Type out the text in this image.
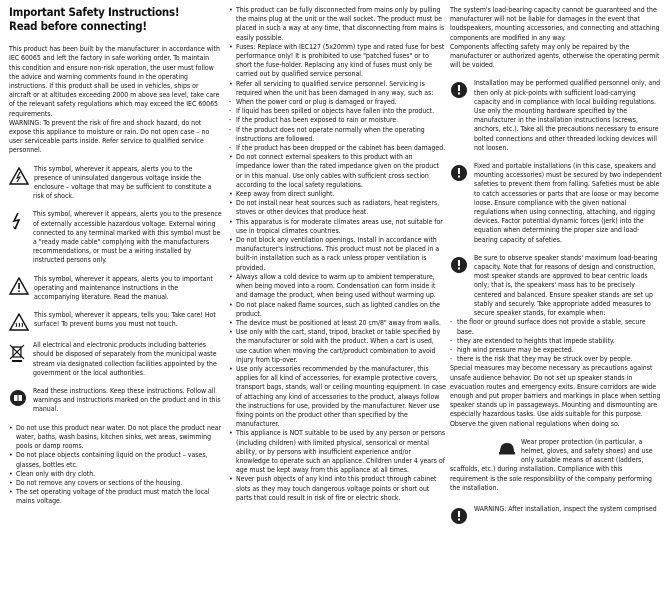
Important Safety Instructions!
Read before connecting!

This product has been built by the manufacturer in accordance with IEC 60065 and left the factory in safe working order. To maintain this condition and ensure non-risk operation, the user must follow the advice and warning comments found in the operating instructions. If this product shall be used in vehicles, ships or aircraft or at altitudes exceeding 2000 m above sea level, take care of the relevant safety regulations which may exceed the IEC 60065 requirements.

WARNING: To prevent the risk of fire and shock hazard, do not expose this appliance to moisture or rain. Do not open case – no user serviceable parts inside. Refer service to qualified service personnel.

This symbol, wherever it appears, alerts you to the presence of uninsulated dangerous voltage inside the enclosure – voltage that may be sufficient to constitute a risk of shock.

This symbol, wherever it appears, alerts you to the presence of externally accessible hazardous voltage. External wiring connected to any terminal marked with this symbol must be a "ready made cable" complying with the manufacturers recommendations, or must be a wiring installed by instructed persons only.

This symbol, wherever it appears, alerts you to important operating and maintenance instructions in the accompanying literature. Read the manual.

This symbol, wherever it appears, tells you: Take care! Hot surface! To prevent burns you must not touch.

All electrical and electronic products including batteries should be disposed of separately from the municipal waste stream via designated collection facilities appointed by the government or the local authorities.

Read these instructions. Keep these instructions. Follow all warnings and instructions marked on the product and in this manual.

• Do not use this product near water. Do not place the product near water, baths, wash basins, kitchen sinks, wet areas, swimming pools or damp rooms.
• Do not place objects containing liquid on the product – vases, glasses, bottles etc.
• Clean only with dry cloth.
• Do not remove any covers or sections of the housing.
• The set operating voltage of the product must match the local mains voltage.
• This product can be fully disconnected from mains only by pulling the mains plug at the unit or the wall socket. The product must be placed in such a way at any time, that disconnecting from mains is easily possible.
• Fuses: Replace with IEC127 (5x20mm) type and rated fuse for best performance only! It is prohibited to use "patched fuses" or to short the fuse-holder. Replacing any kind of fuses must only be carried out by qualified service personal.
• Refer all servicing to qualified service personnel. Servicing is required when the unit has been damaged in any way, such as:
- When the power cord or plug is damaged or frayed.
- If liquid has been spilled or objects have fallen into the product.
- If the product has been exposed to rain or moisture.
- If the product does not operate normally when the operating instructions are followed.
- If the product has been dropped or the cabinet has been damaged.
• Do not connect external speakers to this product with an impedance lower than the rated impedance given on the product or in this manual. Use only cables with sufficient cross section according to the local safety regulations.
• Keep away from direct sunlight.
• Do not install near heat sources such as radiators, heat registers, stoves or other devices that produce heat.
• This apparatus is for moderate climates areas use, not suitable for use in tropical climates countries.
• Do not block any ventilation openings. Install in accordance with manufacturer's instructions. This product must not be placed in a built-in installation such as a rack unless proper ventilation is provided.
• Always allow a cold device to warm up to ambient temperature, when being moved into a room. Condensation can form inside it and damage the product, when being used without warming up.
• Do not place naked flame sources, such as lighted candles on the product.
• The device must be positioned at least 20 cm/8" away from walls.
• Use only with the cart, stand, tripod, bracket or table specified by the manufacturer or sold with the product. When a cart is used, use caution when moving the cart/product combination to avoid injury from tip-over.
• Use only accessories recommended by the manufacturer, this applies for all kind of accessories, for example protective covers, transport bags, stands, wall or ceiling mounting equipment. In case of attaching any kind of accessories to the product, always follow the instructions for use, provided by the manufacturer. Never use fixing points on the product other than specified by the manufacturer.
• This appliance is NOT suitable to be used by any person or persons (including children) with limited physical, sensorical or mental ability, or by persons with insufficient experience and/or knowledge to operate such an appliance. Children under 4 years of age must be kept away from this appliance at all times.
• Never push objects of any kind into this product through cabinet slots as they may touch dangerous voltage points or short out parts that could result in risk of fire or electric shock.

The system's load-bearing capacity cannot be guaranteed and the manufacturer will not be liable for damages in the event that loudspeakers, mounting accessories, and connecting and attaching components are modified in any way.

Components affecting safety may only be repaired by the manufacturer or authorized agents, otherwise the operating permit will be voided.

Installation may be performed qualified personnel only, and then only at pick-points with sufficient load-carrying capacity and in compliance with local building regulations. Use only the mounting hardware specified by the manufacturer in the installation instructions (screws, anchors, etc.). Take all the precautions necessary to ensure bolted connections and other threaded locking devices will not loosen.

Fixed and portable installations (in this case, speakers and mounting accessories) must be secured by two independent safeties to prevent them from falling. Safeties must be able to catch accessories or parts that are loose or may become loose. Ensure compliance with the given national regulations when using connecting, attaching, and rigging devices. Factor potential dynamic forces (jerk) into the equation when determining the proper size and load-bearing capacity of safeties.

Be sure to observe speaker stands' maximum load-bearing capacity. Note that for reasons of design and construction, most speaker stands are approved to bear centric loads only; that is, the speakers' mass has to be precisely centered and balanced. Ensure speaker stands are set up stably and securely. Take appropriate added measures to secure speaker stands, for example when:

- the floor or ground surface does not provide a stable, secure base.
- they are extended to heights that impede stability.
- high wind pressure may be expected.
- there is the risk that they may be struck over by people.

Special measures may become necessary as precautions against unsafe audience behavior. Do not set up speaker stands in evacuation routes and emergency exits. Ensure corridors are wide enough and put proper barriers and markings in place when setting speaker stands up in passageways. Mounting and dismounting are especially hazardous tasks. Use aids suitable for this purpose. Observe the given national regulations when doing so.

Wear proper protection (in particular, a helmet, gloves, and safety shoes) and use only suitable means of ascent (ladders, scaffolds, etc.) during installation. Compliance with this requirement is the sole responsibility of the company performing the installation.

WARNING: After installation, inspect the system comprised
